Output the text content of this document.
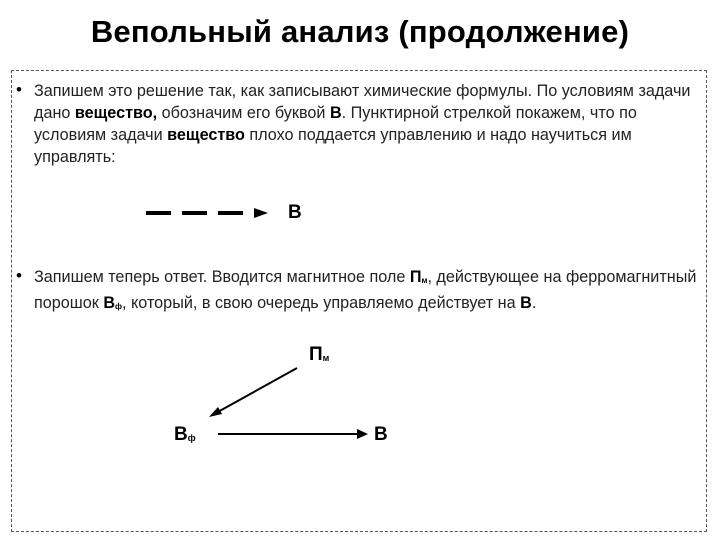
Вепольный анализ (продолжение)
• Запишем это решение так, как записывают химические формулы. По условиям задачи дано вещество, обозначим его буквой В. Пунктирной стрелкой покажем, что по условиям задачи вещество плохо поддается управлению и надо научиться им управлять:
В
• Запишем теперь ответ. Вводится магнитное поле Пм, действующее на ферромагнитный порошок Вф, который, в свою очередь управляемо действует на В.
Пм
Вф	В
